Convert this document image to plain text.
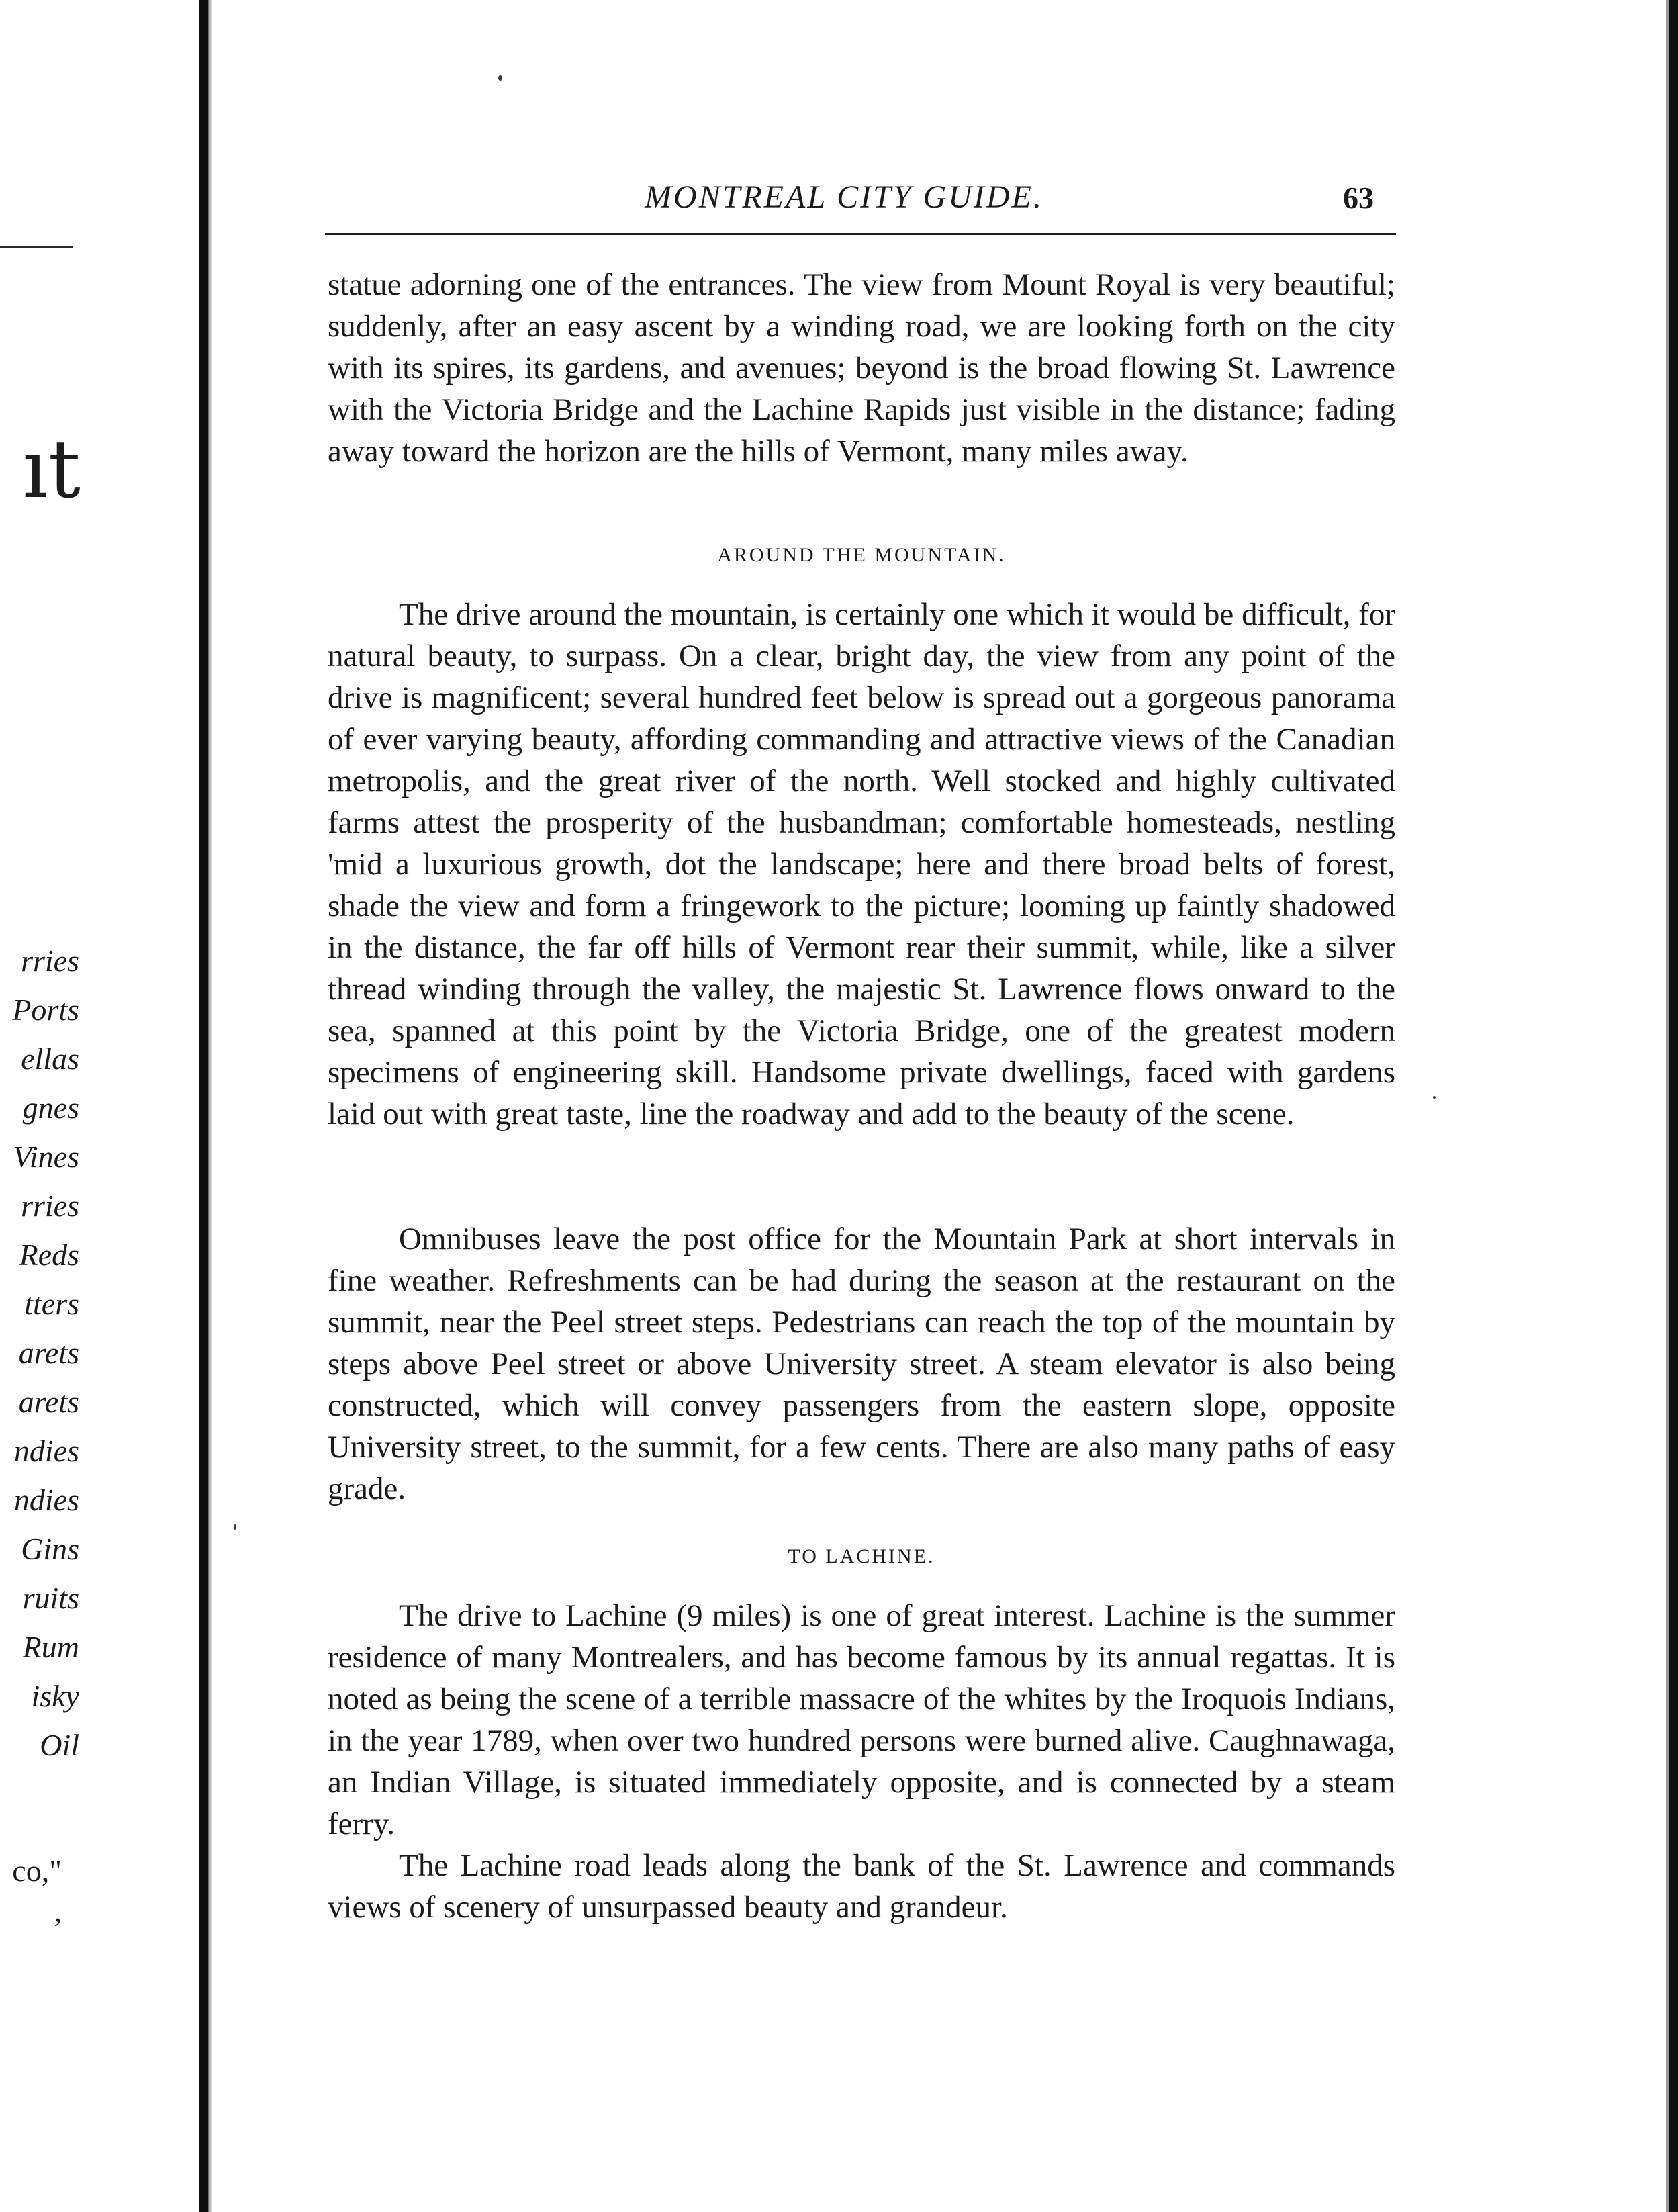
ıt
rries
Ports
ellas
gnes
Vines
rries
Reds
tters
arets
arets
ndies
ndies
Gins
ruits
Rum
isky
Oil
co,"
,
MONTREAL CITY GUIDE.	63

statue adorning one of the entrances. The view from Mount Royal is very beautiful; suddenly, after an easy ascent by a winding road, we are looking forth on the city with its spires, its gardens, and avenues; beyond is the broad flowing St. Lawrence with the Victoria Bridge and the Lachine Rapids just visible in the distance; fading away toward the horizon are the hills of Vermont, many miles away.

AROUND THE MOUNTAIN.

The drive around the mountain, is certainly one which it would be difficult, for natural beauty, to surpass. On a clear, bright day, the view from any point of the drive is magnificent; several hundred feet below is spread out a gorgeous panorama of ever varying beauty, affording commanding and attractive views of the Canadian metropolis, and the great river of the north. Well stocked and highly cultivated farms attest the prosperity of the husbandman; comfortable homesteads, nestling 'mid a luxurious growth, dot the landscape; here and there broad belts of forest, shade the view and form a fringework to the picture; looming up faintly shadowed in the distance, the far off hills of Vermont rear their summit, while, like a silver thread winding through the valley, the majestic St. Lawrence flows onward to the sea, spanned at this point by the Victoria Bridge, one of the greatest modern specimens of engineering skill. Handsome private dwellings, faced with gardens laid out with great taste, line the roadway and add to the beauty of the scene.

Omnibuses leave the post office for the Mountain Park at short intervals in fine weather. Refreshments can be had during the season at the restaurant on the summit, near the Peel street steps. Pedestrians can reach the top of the mountain by steps above Peel street or above University street. A steam elevator is also being constructed, which will convey passengers from the eastern slope, opposite University street, to the summit, for a few cents. There are also many paths of easy grade.

TO LACHINE.

The drive to Lachine (9 miles) is one of great interest. Lachine is the summer residence of many Montrealers, and has become famous by its annual regattas. It is noted as being the scene of a terrible massacre of the whites by the Iroquois Indians, in the year 1789, when over two hundred persons were burned alive. Caughnawaga, an Indian Village, is situated immediately opposite, and is connected by a steam ferry.

The Lachine road leads along the bank of the St. Lawrence and commands views of scenery of unsurpassed beauty and grandeur.
